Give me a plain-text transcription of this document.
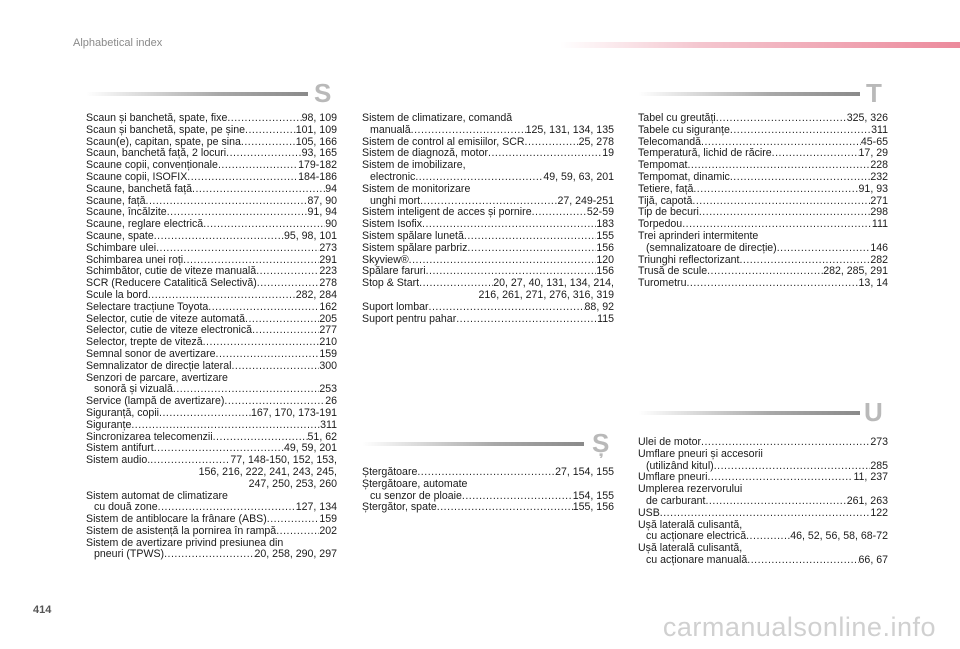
Alphabetical index
S
Ș
T
U
Scaun și banchetă, spate, fixe .....	98, 109
Scaun și banchetă, spate, pe șine .....	101, 109
Scaun(e), capitan, spate, pe sina .....	105, 166
Scaun, banchetă față, 2 locuri .....	93, 165
Scaune copii, convenționale .....	179-182
Scaune copii, ISOFIX .....	184-186
Scaune, banchetă față .....	94
Scaune, față .....	87, 90
Scaune, încălzite .....	91, 94
Scaune, reglare electrică .....	90
Scaune, spate .....	95, 98, 101
Schimbare ulei .....	273
Schimbarea unei roți .....	291
Schimbător, cutie de viteze manuală .....	223
SCR (Reducere Catalitică Selectivă) .....	278
Scule la bord .....	282, 284
Selectare tracțiune Toyota .....	162
Selector, cutie de viteze automată .....	205
Selector, cutie de viteze electronică .....	277
Selector, trepte de viteză .....	210
Semnal sonor de avertizare .....	159
Semnalizator de direcție lateral .....	300
Senzori de parcare, avertizare
sonoră și vizuală .....	253
Service (lampă de avertizare) .....	26
Siguranță, copii .....	167, 170, 173-191
Siguranțe .....	311
Sincronizarea telecomenzii .....	51, 62
Sistem antifurt .....	49, 59, 201
Sistem audio. .....	77, 148-150, 152, 153,
156, 216, 222, 241, 243, 245,
247, 250, 253, 260
Sistem automat de climatizare
cu două zone .....	127, 134
Sistem de antiblocare la frânare (ABS) .....	159
Sistem de asistență la pornirea în rampă .....	202
Sistem de avertizare privind presiunea din
pneuri (TPWS) .....	20, 258, 290, 297
Sistem de climatizare, comandă
manuală .....	125, 131, 134, 135
Sistem de control al emisiilor, SCR .....	25, 278
Sistem de diagnoză, motor .....	19
Sistem de imobilizare,
electronic .....	49, 59, 63, 201
Sistem de monitorizare
unghi mort .....	27, 249-251
Sistem inteligent de acces și pornire .....	52-59
Sistem Isofix .....	183
Sistem spălare lunetă .....	155
Sistem spălare parbriz .....	156
Skyview® .....	120
Spălare faruri .....	156
Stop & Start .....	20, 27, 40, 131, 134, 214,
216, 261, 271, 276, 316, 319
Suport lombar .....	88, 92
Suport pentru pahar .....	115
Ștergătoare .....	27, 154, 155
Ștergătoare, automate
cu senzor de ploaie .....	154, 155
Ștergător, spate .....	155, 156
Tabel cu greutăți .....	325, 326
Tabele cu siguranțe .....	311
Telecomandă .....	45-65
Temperatură, lichid de răcire .....	17, 29
Tempomat .....	228
Tempomat, dinamic .....	232
Tetiere, față .....	91, 93
Tijă, capotă .....	271
Tip de becuri .....	298
Torpedou .....	111
Trei aprinderi intermitente
(semnalizatoare de direcție) .....	146
Triunghi reflectorizant .....	282
Trusă de scule .....	282, 285, 291
Turometru .....	13, 14
Ulei de motor .....	273
Umflare pneuri și accesorii
(utilizând kitul) .....	285
Umflare pneuri .....	11, 237
Umplerea rezervorului
de carburant .....	261, 263
USB .....	122
Ușă laterală culisantă,
cu acționare electrică .....	46, 52, 56, 58, 68-72
Ușă laterală culisantă,
cu acționare manuală .....	66, 67
414
carmanualsonline.info
